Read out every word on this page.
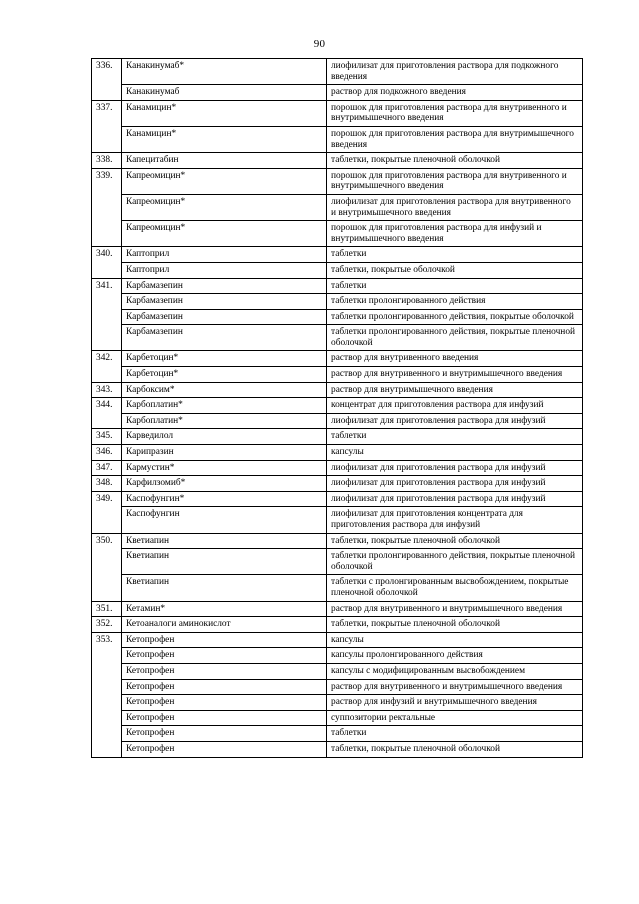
90
336.	Канакинумаб*	лиофилизат для приготовления раствора для подкожного введения
	Канакинумаб	раствор для подкожного введения
337.	Канамицин*	порошок для приготовления раствора для внутривенного и внутримышечного введения
	Канамицин*	порошок для приготовления раствора для внутримышечного введения
338.	Капецитабин	таблетки, покрытые пленочной оболочкой
339.	Капреомицин*	порошок для приготовления раствора для внутривенного и внутримышечного введения
	Капреомицин*	лиофилизат для приготовления раствора для внутривенного и внутримышечного введения
	Капреомицин*	порошок для приготовления раствора для инфузий и внутримышечного введения
340.	Каптоприл	таблетки
	Каптоприл	таблетки, покрытые оболочкой
341.	Карбамазепин	таблетки
	Карбамазепин	таблетки пролонгированного действия
	Карбамазепин	таблетки пролонгированного действия, покрытые оболочкой
	Карбамазепин	таблетки пролонгированного действия, покрытые пленочной оболочкой
342.	Карбетоцин*	раствор для внутривенного введения
	Карбетоцин*	раствор для внутривенного и внутримышечного введения
343.	Карбоксим*	раствор для внутримышечного введения
344.	Карбоплатин*	концентрат для приготовления раствора для инфузий
	Карбоплатин*	лиофилизат для приготовления раствора для инфузий
345.	Карведилол	таблетки
346.	Карипразин	капсулы
347.	Кармустин*	лиофилизат для приготовления раствора для инфузий
348.	Карфилзомиб*	лиофилизат для приготовления раствора для инфузий
349.	Каспофунгин*	лиофилизат для приготовления раствора для инфузий
	Каспофунгин	лиофилизат для приготовления концентрата для приготовления раствора для инфузий
350.	Кветиапин	таблетки, покрытые пленочной оболочкой
	Кветиапин	таблетки пролонгированного действия, покрытые пленочной оболочкой
	Кветиапин	таблетки с пролонгированным высвобождением, покрытые пленочной оболочкой
351.	Кетамин*	раствор для внутривенного и внутримышечного введения
352.	Кетоаналоги аминокислот	таблетки, покрытые пленочной оболочкой
353.	Кетопрофен	капсулы
	Кетопрофен	капсулы пролонгированного действия
	Кетопрофен	капсулы с модифицированным высвобождением
	Кетопрофен	раствор для внутривенного и внутримышечного введения
	Кетопрофен	раствор для инфузий и внутримышечного введения
	Кетопрофен	суппозитории ректальные
	Кетопрофен	таблетки
	Кетопрофен	таблетки, покрытые пленочной оболочкой
